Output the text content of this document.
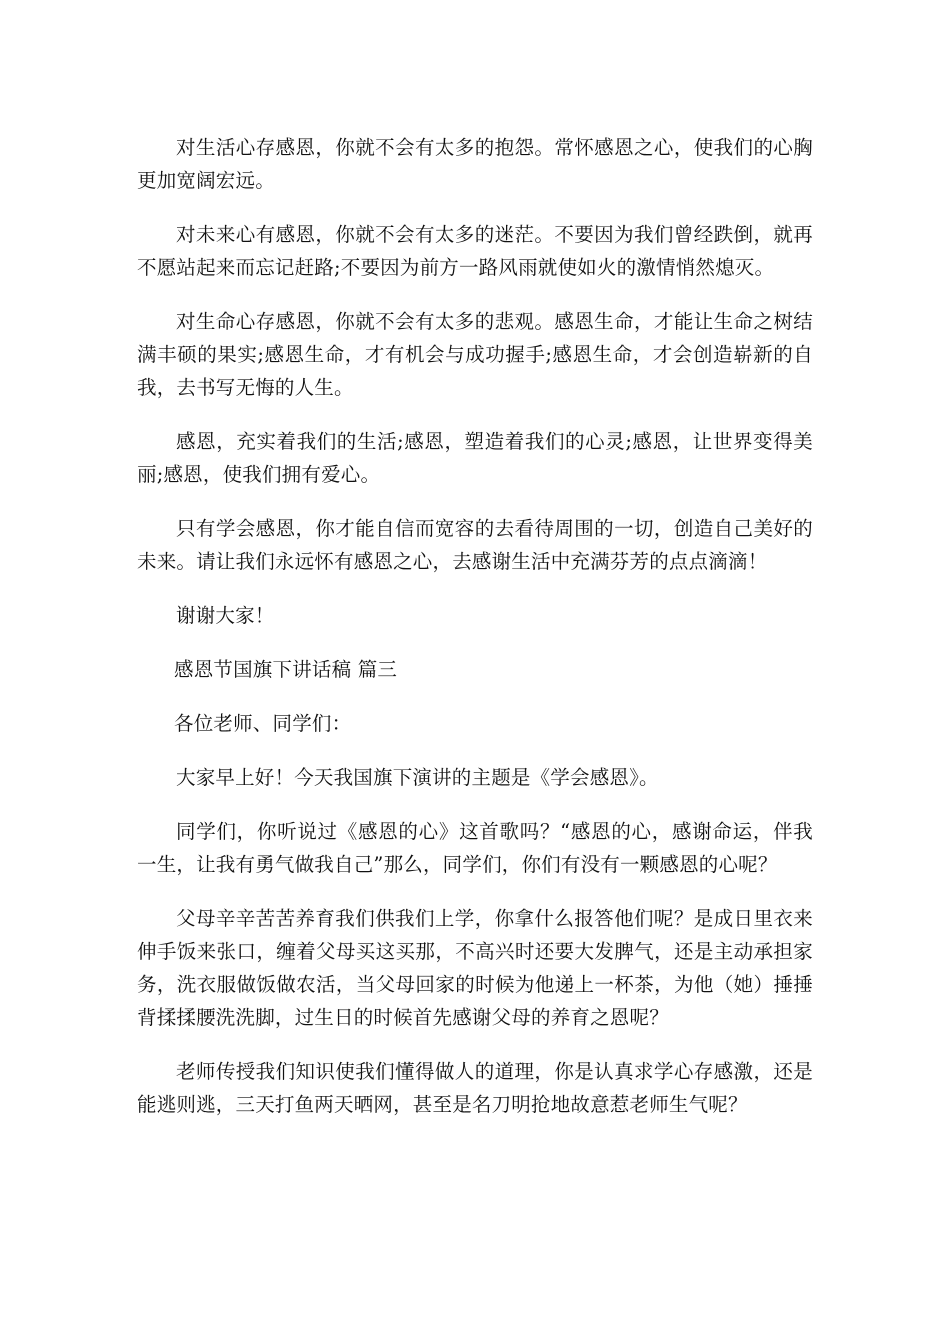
对生活心存感恩，你就不会有太多的抱怨。常怀感恩之心，使我们的心胸更加宽阔宏远。

对未来心有感恩，你就不会有太多的迷茫。不要因为我们曾经跌倒，就再不愿站起来而忘记赶路;不要因为前方一路风雨就使如火的激情悄然熄灭。

对生命心存感恩，你就不会有太多的悲观。感恩生命，才能让生命之树结满丰硕的果实;感恩生命，才有机会与成功握手;感恩生命，才会创造崭新的自我，去书写无悔的人生。

感恩，充实着我们的生活;感恩，塑造着我们的心灵;感恩，让世界变得美丽;感恩，使我们拥有爱心。

只有学会感恩，你才能自信而宽容的去看待周围的一切，创造自己美好的未来。请让我们永远怀有感恩之心，去感谢生活中充满芬芳的点点滴滴！

谢谢大家！

感恩节国旗下讲话稿 篇三

各位老师、同学们：

大家早上好！今天我国旗下演讲的主题是《学会感恩》。

同学们，你听说过《感恩的心》这首歌吗？“感恩的心，感谢命运，伴我一生，让我有勇气做我自己”那么，同学们，你们有没有一颗感恩的心呢？

父母辛辛苦苦养育我们供我们上学，你拿什么报答他们呢？是成日里衣来伸手饭来张口，缠着父母买这买那，不高兴时还要大发脾气，还是主动承担家务，洗衣服做饭做农活，当父母回家的时候为他递上一杯茶，为他（她）捶捶背揉揉腰洗洗脚，过生日的时候首先感谢父母的养育之恩呢？

老师传授我们知识使我们懂得做人的道理，你是认真求学心存感激，还是能逃则逃，三天打鱼两天晒网，甚至是名刀明抢地故意惹老师生气呢？
